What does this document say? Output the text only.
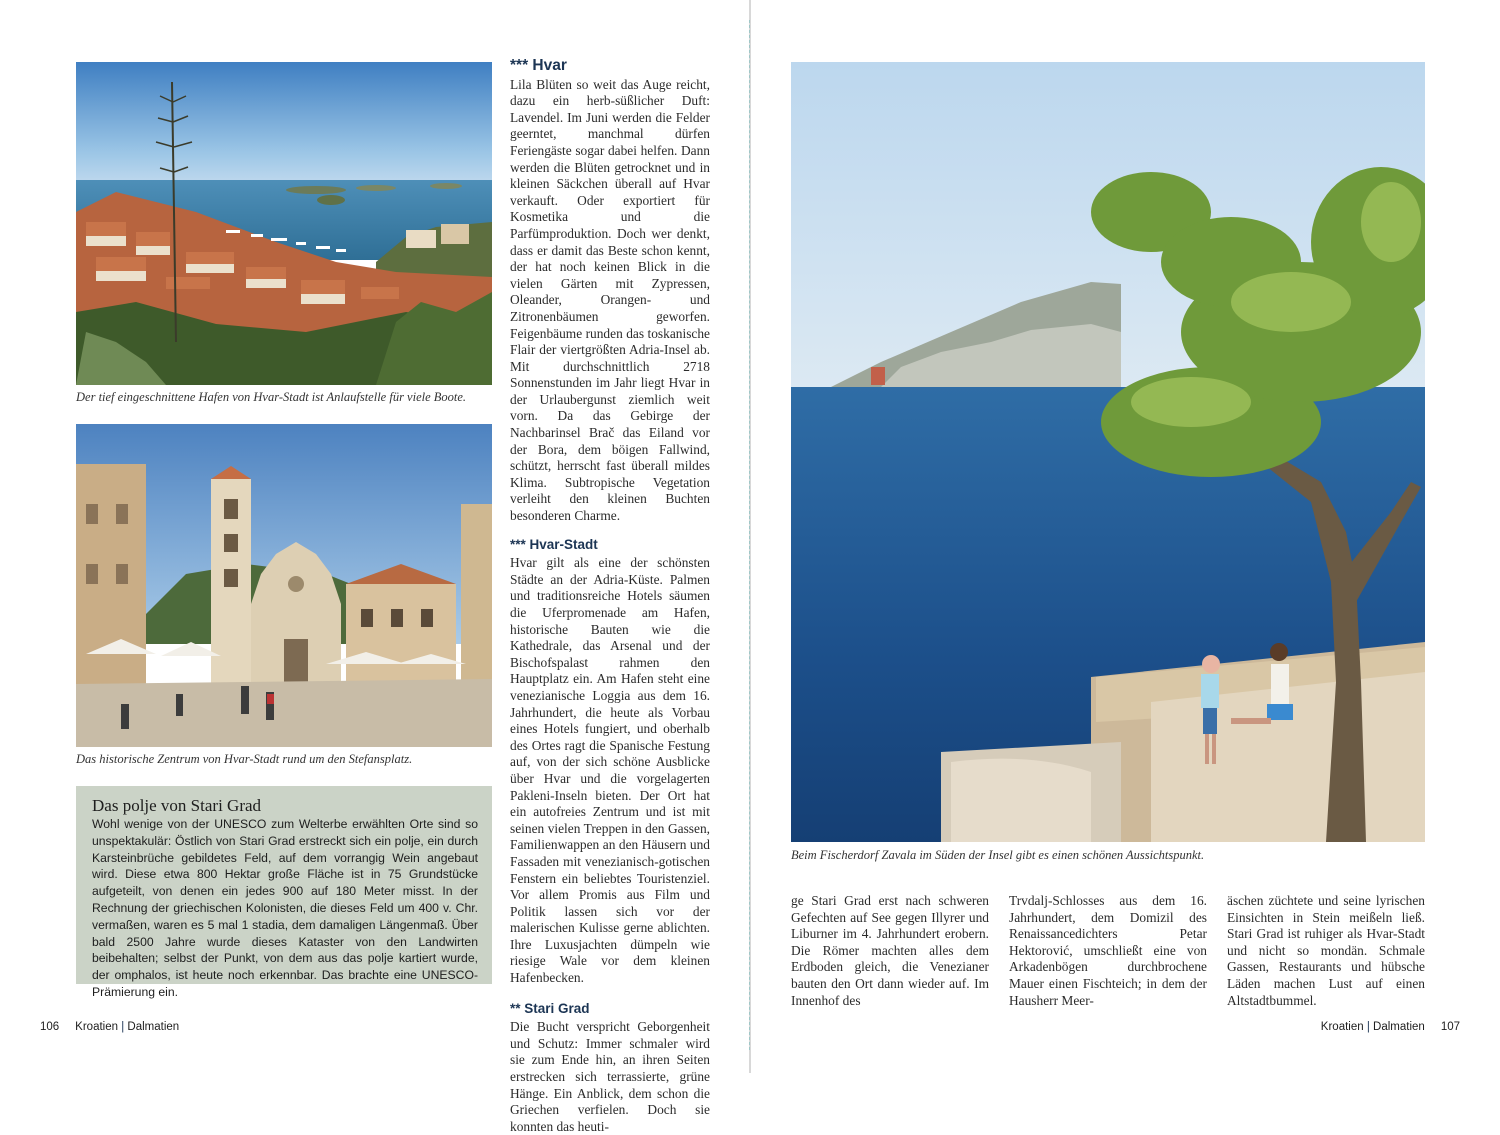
Der tief eingeschnittene Hafen von Hvar-Stadt ist Anlaufstelle für viele Boote.
Das historische Zentrum von Hvar-Stadt rund um den Stefansplatz.
Das polje von Stari Grad

Wohl wenige von der UNESCO zum Welterbe erwählten Orte sind so unspektakulär: Östlich von Stari Grad erstreckt sich ein polje, ein durch Karsteinbrüche gebildetes Feld, auf dem vorrangig Wein angebaut wird. Diese etwa 800 Hektar große Fläche ist in 75 Grundstücke aufgeteilt, von denen ein jedes 900 auf 180 Meter misst. In der Rechnung der griechischen Kolonisten, die dieses Feld um 400 v. Chr. vermaßen, waren es 5 mal 1 stadia, dem damaligen Längenmaß. Über bald 2500 Jahre wurde dieses Kataster von den Landwirten beibehalten; selbst der Punkt, von dem aus das polje kartiert wurde, der omphalos, ist heute noch erkennbar. Das brachte eine UNESCO-Prämierung ein.

*** Hvar

Lila Blüten so weit das Auge reicht, dazu ein herb-süßlicher Duft: Lavendel. Im Juni werden die Felder geerntet, manchmal dürfen Feriengäste sogar dabei helfen. Dann werden die Blüten getrocknet und in kleinen Säckchen überall auf Hvar verkauft. Oder exportiert für Kosmetika und die Parfümproduktion. Doch wer denkt, dass er damit das Beste schon kennt, der hat noch keinen Blick in die vielen Gärten mit Zypressen, Oleander, Orangen- und Zitronenbäumen geworfen. Feigenbäume runden das toskanische Flair der viertgrößten Adria-Insel ab. Mit durchschnittlich 2718 Sonnenstunden im Jahr liegt Hvar in der Urlaubergunst ziemlich weit vorn. Da das Gebirge der Nachbarinsel Brač das Eiland vor der Bora, dem böigen Fallwind, schützt, herrscht fast überall mildes Klima. Subtropische Vegetation verleiht den kleinen Buchten besonderen Charme.

*** Hvar-Stadt

Hvar gilt als eine der schönsten Städte an der Adria-Küste. Palmen und traditionsreiche Hotels säumen die Uferpromenade am Hafen, historische Bauten wie die Kathedrale, das Arsenal und der Bischofspalast rahmen den Hauptplatz ein. Am Hafen steht eine venezianische Loggia aus dem 16. Jahrhundert, die heute als Vorbau eines Hotels fungiert, und oberhalb des Ortes ragt die Spanische Festung auf, von der sich schöne Ausblicke über Hvar und die vorgelagerten Pakleni-Inseln bieten. Der Ort hat ein autofreies Zentrum und ist mit seinen vielen Treppen in den Gassen, Familienwappen an den Häusern und Fassaden mit venezianisch-gotischen Fenstern ein beliebtes Touristenziel. Vor allem Promis aus Film und Politik lassen sich vor der malerischen Kulisse gerne ablichten. Ihre Luxusjachten dümpeln wie riesige Wale vor dem kleinen Hafenbecken.

** Stari Grad

Die Bucht verspricht Geborgenheit und Schutz: Immer schmaler wird sie zum Ende hin, an ihren Seiten erstrecken sich terrassierte, grüne Hänge. Ein Anblick, dem schon die Griechen verfielen. Doch sie konnten das heuti-

106 Kroatien | Dalmatien
Beim Fischerdorf Zavala im Süden der Insel gibt es einen schönen Aussichtspunkt.

ge Stari Grad erst nach schweren Gefechten auf See gegen Illyrer und Liburner im 4. Jahrhundert erobern. Die Römer machten alles dem Erdboden gleich, die Venezianer bauten den Ort dann wieder auf. Im Innenhof des

Trvdalj-Schlosses aus dem 16. Jahrhundert, dem Domizil des Renaissancedichters Petar Hektorović, umschließt eine von Arkadenbögen durchbrochene Mauer einen Fischteich; in dem der Hausherr Meer-

äschen züchtete und seine lyrischen Einsichten in Stein meißeln ließ. Stari Grad ist ruhiger als Hvar-Stadt und nicht so mondän. Schmale Gassen, Restaurants und hübsche Läden machen Lust auf einen Altstadtbummel.

Kroatien | Dalmatien 107
